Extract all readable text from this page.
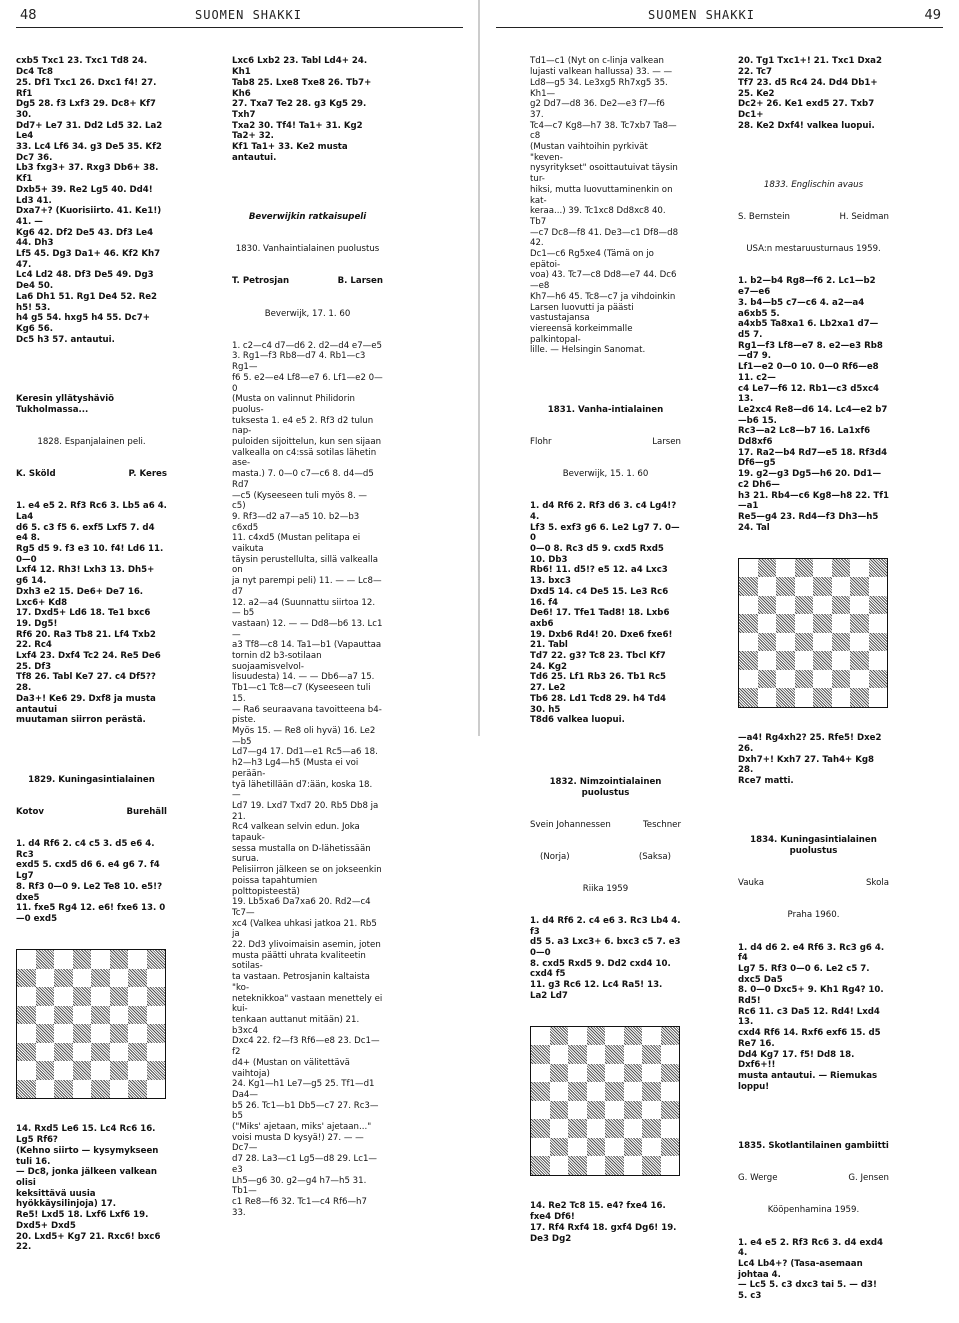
48	SUOMEN SHAKKI

cxb5 Txc1 23. Txc1 Td8 24. Dc4 Tc8
25. Df1 Txc1 26. Dxc1 f4! 27. Rf1
Dg5 28. f3 Lxf3 29. Dc8+ Kf7 30.
Dd7+ Le7 31. Dd2 Ld5 32. La2 Le4
33. Lc4 Lf6 34. g3 De5 35. Kf2 Dc7 36.
Lb3 fxg3+ 37. Rxg3 Db6+ 38. Kf1
Dxb5+ 39. Re2 Lg5 40. Dd4! Ld3 41.
Dxa7+? (Kuorisiirto. 41. Ke1!) 41. —
Kg6 42. Df2 De5 43. Df3 Le4 44. Dh3
Lf5 45. Dg3 Da1+ 46. Kf2 Kh7 47.
Lc4 Ld2 48. Df3 De5 49. Dg3 De4 50.
La6 Dh1 51. Rg1 De4 52. Re2 h5! 53.
h4 g5 54. hxg5 h4 55. Dc7+ Kg6 56.
Dc5 h3 57. antautui.

Keresin yllätyshäviö Tukholmassa...

1828. Espanjalainen peli.

K. Sköld	P. Keres

1. e4 e5 2. Rf3 Rc6 3. Lb5 a6 4. La4
d6 5. c3 f5 6. exf5 Lxf5 7. d4 e4 8.
Rg5 d5 9. f3 e3 10. f4! Ld6 11. 0—0
Lxf4 12. Rh3! Lxh3 13. Dh5+ g6 14.
Dxh3 e2 15. De6+ De7 16. Lxc6+ Kd8
17. Dxd5+ Ld6 18. Te1 bxc6 19. Dg5!
Rf6 20. Ra3 Tb8 21. Lf4 Txb2 22. Rc4
Lxf4 23. Dxf4 Tc2 24. Re5 De6 25. Df3
Tf8 26. Tabl Ke7 27. c4 Df5?? 28.
Da3+! Ke6 29. Dxf8 ja musta antautui
muutaman siirron perästä.

1829. Kuningasintialainen

Kotov	Burehäll

1. d4 Rf6 2. c4 c5 3. d5 e6 4. Rc3
exd5 5. cxd5 d6 6. e4 g6 7. f4 Lg7
8. Rf3 0—0 9. Le2 Te8 10. e5!? dxe5
11. fxe5 Rg4 12. e6! fxe6 13. 0—0 exd5

14. Rxd5 Le6 15. Lc4 Rc6 16. Lg5 Rf6?
(Kehno siirto — kysymykseen tuli 16.
— Dc8, jonka jälkeen valkean olisi
keksittävä uusia hyökkäysilinjoja) 17.
Re5! Lxd5 18. Lxf6 Lxf6 19. Dxd5+ Dxd5
20. Lxd5+ Kg7 21. Rxc6! bxc6 22.

Lxc6 Lxb2 23. Tabl Ld4+ 24. Kh1
Tab8 25. Lxe8 Txe8 26. Tb7+ Kh6
27. Txa7 Te2 28. g3 Kg5 29. Txh7
Txa2 30. Tf4! Ta1+ 31. Kg2 Ta2+ 32.
Kf1 Ta1+ 33. Ke2 musta antautui.

Beverwijkin ratkaisupeli

1830. Vanhaintialainen puolustus

T. Petrosjan	B. Larsen

Beverwijk, 17. 1. 60

1. c2—c4 d7—d6 2. d2—d4 e7—e5
3. Rg1—f3 Rb8—d7 4. Rb1—c3 Rg1—
f6 5. e2—e4 Lf8—e7 6. Lf1—e2 0—0
(Musta on valinnut Philidorin puolus-
tuksesta 1. e4 e5 2. Rf3 d2 tulun nap-
puloiden sijoittelun, kun sen sijaan
valkealla on c4:ssä sotilas lähetin ase-
masta.) 7. 0—0 c7—c6 8. d4—d5 Rd7
—c5 (Kyseeseen tuli myös 8. — c5)
9. Rf3—d2 a7—a5 10. b2—b3 c6xd5
11. c4xd5 (Mustan pelitapa ei vaikuta
täysin perustellulta, sillä valkealla on
ja nyt parempi peli) 11. — — Lc8—d7
12. a2—a4 (Suunnattu siirtoa 12. — b5
vastaan) 12. — — Dd8—b6 13. Lc1—
a3 Tf8—c8 14. Ta1—b1 (Vapauttaa
tornin d2 b3-sotilaan suojaamisvelvol-
lisuudesta) 14. — — Db6—a7 15.
Tb1—c1 Tc8—c7 (Kyseeseen tuli 15.
— Ra6 seuraavana tavoitteena b4-piste.
Myös 15. — Re8 oli hyvä) 16. Le2—b5
Ld7—g4 17. Dd1—e1 Rc5—a6 18.
h2—h3 Lg4—h5 (Musta ei voi perään-
tyä lähetillään d7:ään, koska 18. —
Ld7 19. Lxd7 Txd7 20. Rb5 Db8 ja 21.
Rc4 valkean selvin edun. Joka tapauk-
sessa mustalla on D-lähetissään surua.
Pelisiirron jälkeen se on jokseenkin
poissa tapahtumien polttopisteestä)
19. Lb5xa6 Da7xa6 20. Rd2—c4 Tc7—
xc4 (Valkea uhkasi jatkoa 21. Rb5 ja
22. Dd3 ylivoimaisin asemin, joten
musta päätti uhrata kvaliteetin sotilas-
ta vastaan. Petrosjanin kaltaista "ko-
neteknikkoa" vastaan menettely ei kui-
tenkaan auttanut mitään) 21. b3xc4
Dxc4 22. f2—f3 Rf6—e8 23. Dc1—f2
d4+ (Mustan on välitettävä vaihtoja)
24. Kg1—h1 Le7—g5 25. Tf1—d1 Da4—
b5 26. Tc1—b1 Db5—c7 27. Rc3—b5
("Miks' ajetaan, miks' ajetaan..."
voisi musta D kysyä!) 27. — — Dc7—
d7 28. La3—c1 Lg5—d8 29. Lc1—e3
Lh5—g6 30. g2—g4 h7—h5 31. Tb1—
c1 Re8—f6 32. Tc1—c4 Rf6—h7 33.

SUOMEN SHAKKI	49

Td1—c1 (Nyt on c-linja valkean
lujasti valkean hallussa) 33. — —
Ld8—g5 34. Le3xg5 Rh7xg5 35. Kh1—
g2 Dd7—d8 36. De2—e3 f7—f6 37.
Tc4—c7 Kg8—h7 38. Tc7xb7 Ta8—c8
(Mustan vaihtoihin pyrkivät "keven-
nysyritykset" osoittautuivat täysin tur-
hiksi, mutta luovuttaminenkin on kat-
keraa...) 39. Tc1xc8 Dd8xc8 40. Tb7
—c7 Dc8—f8 41. De3—c1 Df8—d8 42.
Dc1—c6 Rg5xe4 (Tämä on jo epätoi-
voa) 43. Tc7—c8 Dd8—e7 44. Dc6—e8
Kh7—h6 45. Tc8—c7 ja vihdoinkin
Larsen luovutti ja päästi vastustajansa
viereensä korkeimmalle palkintopal-
lille. — Helsingin Sanomat.

1831. Vanha-intialainen

Flohr	Larsen

Beverwijk, 15. 1. 60

1. d4 Rf6 2. Rf3 d6 3. c4 Lg4!? 4.
Lf3 5. exf3 g6 6. Le2 Lg7 7. 0—0
0—0 8. Rc3 d5 9. cxd5 Rxd5 10. Db3
Rb6! 11. d5!? e5 12. a4 Lxc3 13. bxc3
Dxd5 14. c4 De5 15. Le3 Rc6 16. f4
De6! 17. Tfe1 Tad8! 18. Lxb6 axb6
19. Dxb6 Rd4! 20. Dxe6 fxe6! 21. Tabl
Td7 22. g3? Tc8 23. Tbcl Kf7 24. Kg2
Td6 25. Lf1 Rb3 26. Tb1 Rc5 27. Le2
Tb6 28. Ld1 Tcd8 29. h4 Td4 30. h5
T8d6 valkea luopui.

1832. Nimzointialainen puolustus

Svein Johannessen	Teschner

(Norja)	(Saksa)

Riika 1959

1. d4 Rf6 2. c4 e6 3. Rc3 Lb4 4. f3
d5 5. a3 Lxc3+ 6. bxc3 c5 7. e3 0—0
8. cxd5 Rxd5 9. Dd2 cxd4 10. cxd4 f5
11. g3 Rc6 12. Lc4 Ra5! 13. La2 Ld7

14. Re2 Tc8 15. e4? fxe4 16. fxe4 Df6!
17. Rf4 Rxf4 18. gxf4 Dg6! 19. De3 Dg2

20. Tg1 Txc1+! 21. Txc1 Dxa2 22. Tc7
Tf7 23. d5 Rc4 24. Dd4 Db1+ 25. Ke2
Dc2+ 26. Ke1 exd5 27. Txb7 Dc1+
28. Ke2 Dxf4! valkea luopui.

1833. Englischin avaus

S. Bernstein	H. Seidman

USA:n mestaruusturnaus 1959.

1. b2—b4 Rg8—f6 2. Lc1—b2 e7—e6
3. b4—b5 c7—c6 4. a2—a4 a6xb5 5.
a4xb5 Ta8xa1 6. Lb2xa1 d7—d5 7.
Rg1—f3 Lf8—e7 8. e2—e3 Rb8—d7 9.
Lf1—e2 0—0 10. 0—0 Rf6—e8 11. c2—
c4 Le7—f6 12. Rb1—c3 d5xc4 13.
Le2xc4 Re8—d6 14. Lc4—e2 b7—b6 15.
Rc3—a2 Lc8—b7 16. La1xf6 Dd8xf6
17. Ra2—b4 Rd7—e5 18. Rf3d4 Df6—g5
19. g2—g3 Dg5—h6 20. Dd1—c2 Dh6—
h3 21. Rb4—c6 Kg8—h8 22. Tf1—a1
Re5—g4 23. Rd4—f3 Dh3—h5 24. Tal

—a4! Rg4xh2? 25. Rfe5! Dxe2 26.
Dxh7+! Kxh7 27. Tah4+ Kg8 28.
Rce7 matti.

1834. Kuningasintialainen puolustus

Vauka	Skola

Praha 1960.

1. d4 d6 2. e4 Rf6 3. Rc3 g6 4. f4
Lg7 5. Rf3 0—0 6. Le2 c5 7. dxc5 Da5
8. 0—0 Dxc5+ 9. Kh1 Rg4? 10. Rd5!
Rc6 11. c3 Da5 12. Rd4! Lxd4 13.
cxd4 Rf6 14. Rxf6 exf6 15. d5 Re7 16.
Dd4 Kg7 17. f5! Dd8 18. Dxf6+!!
musta antautui. — Riemukas loppu!

1835. Skotlantilainen gambiitti

G. Werge	G. Jensen

Kööpenhamina 1959.

1. e4 e5 2. Rf3 Rc6 3. d4 exd4 4.
Lc4 Lb4+? (Tasa-asemaan johtaa 4.
— Lc5 5. c3 dxc3 tai 5. — d3! 5. c3
